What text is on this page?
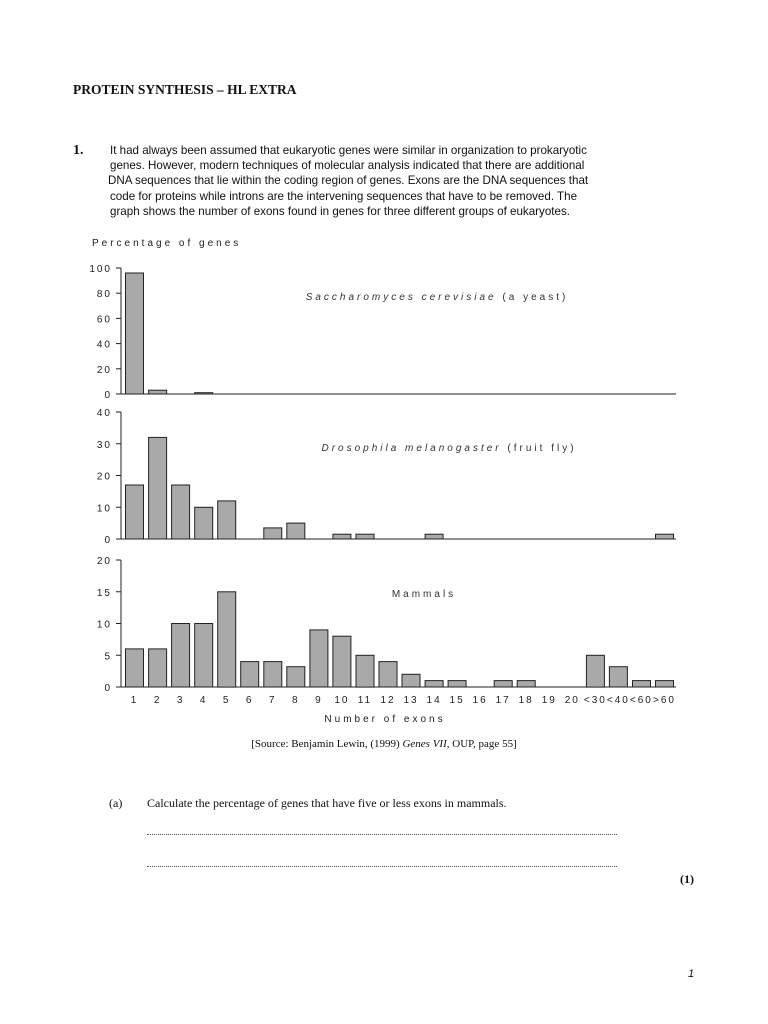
PROTEIN SYNTHESIS – HL EXTRA
1. It had always been assumed that eukaryotic genes were similar in organization to prokaryotic
genes. However, modern techniques of molecular analysis indicated that there are additional
DNA sequences that lie within the coding region of genes. Exons are the DNA sequences that
code for proteins while introns are the intervening sequences that have to be removed. The
graph shows the number of exons found in genes for three different groups of eukaryotes.
Percentage of genes
0
20
40
60
80
100
Saccharomyces cerevisiae (a yeast)
0
10
20
30
40
Drosophila melanogaster (fruit fly)
0
5
10
15
20
Mammals
1 2 3 4 5 6 7 8 9 10 11 12 13 14 15 16 17 18 19 20 <30 <40 <60 >60
Number of exons
[Source: Benjamin Lewin, (1999) Genes VII, OUP, page 55]
(a) Calculate the percentage of genes that have five or less exons in mammals.
(1)
1
